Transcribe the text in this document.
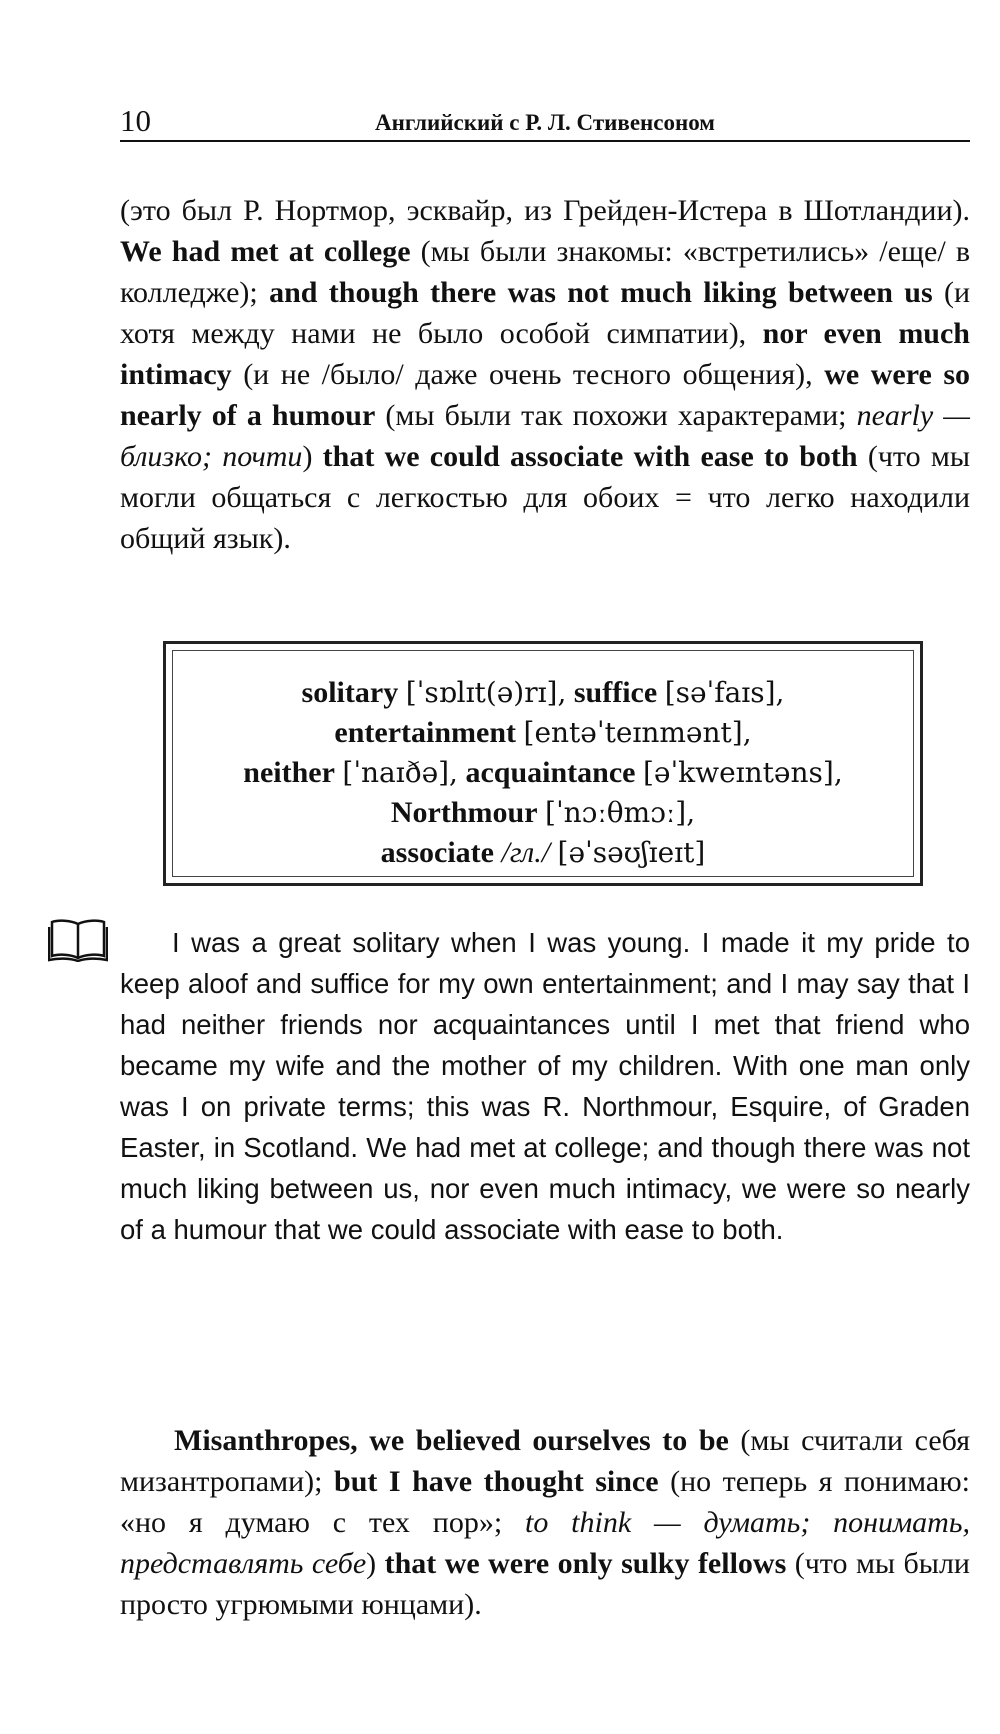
10	Английский с Р. Л. Стивенсоном

(это был Р. Нортмор, эсквайр, из Грейден-Истера в Шотландии). We had met at college (мы были знакомы: «встретились» /еще/ в колледже); and though there was not much liking between us (и хотя между нами не было особой симпатии), nor even much intimacy (и не /было/ даже очень тесного общения), we were so nearly of a humour (мы были так похожи характерами; nearly — близко; почти) that we could associate with ease to both (что мы могли общаться с легкостью для обоих = что легко находили общий язык).

solitary [ˈsɒlɪt(ə)rɪ], suffice [səˈfaɪs],
entertainment [entəˈteɪnmənt],
neither [ˈnaɪðə], acquaintance [əˈkweɪntəns],
Northmour [ˈnɔːθmɔː],
associate /гл./ [əˈsəʊʃɪeɪt]

I was a great solitary when I was young. I made it my pride to keep aloof and suffice for my own entertainment; and I may say that I had neither friends nor acquaintances until I met that friend who became my wife and the mother of my children. With one man only was I on private terms; this was R. Northmour, Esquire, of Graden Easter, in Scotland. We had met at college; and though there was not much liking between us, nor even much intimacy, we were so nearly of a humour that we could associate with ease to both.

Misanthropes, we believed ourselves to be (мы считали себя мизантропами); but I have thought since (но теперь я понимаю: «но я думаю с тех пор»; to think — думать; понимать, представлять себе) that we were only sulky fellows (что мы были просто угрюмыми юнцами).
